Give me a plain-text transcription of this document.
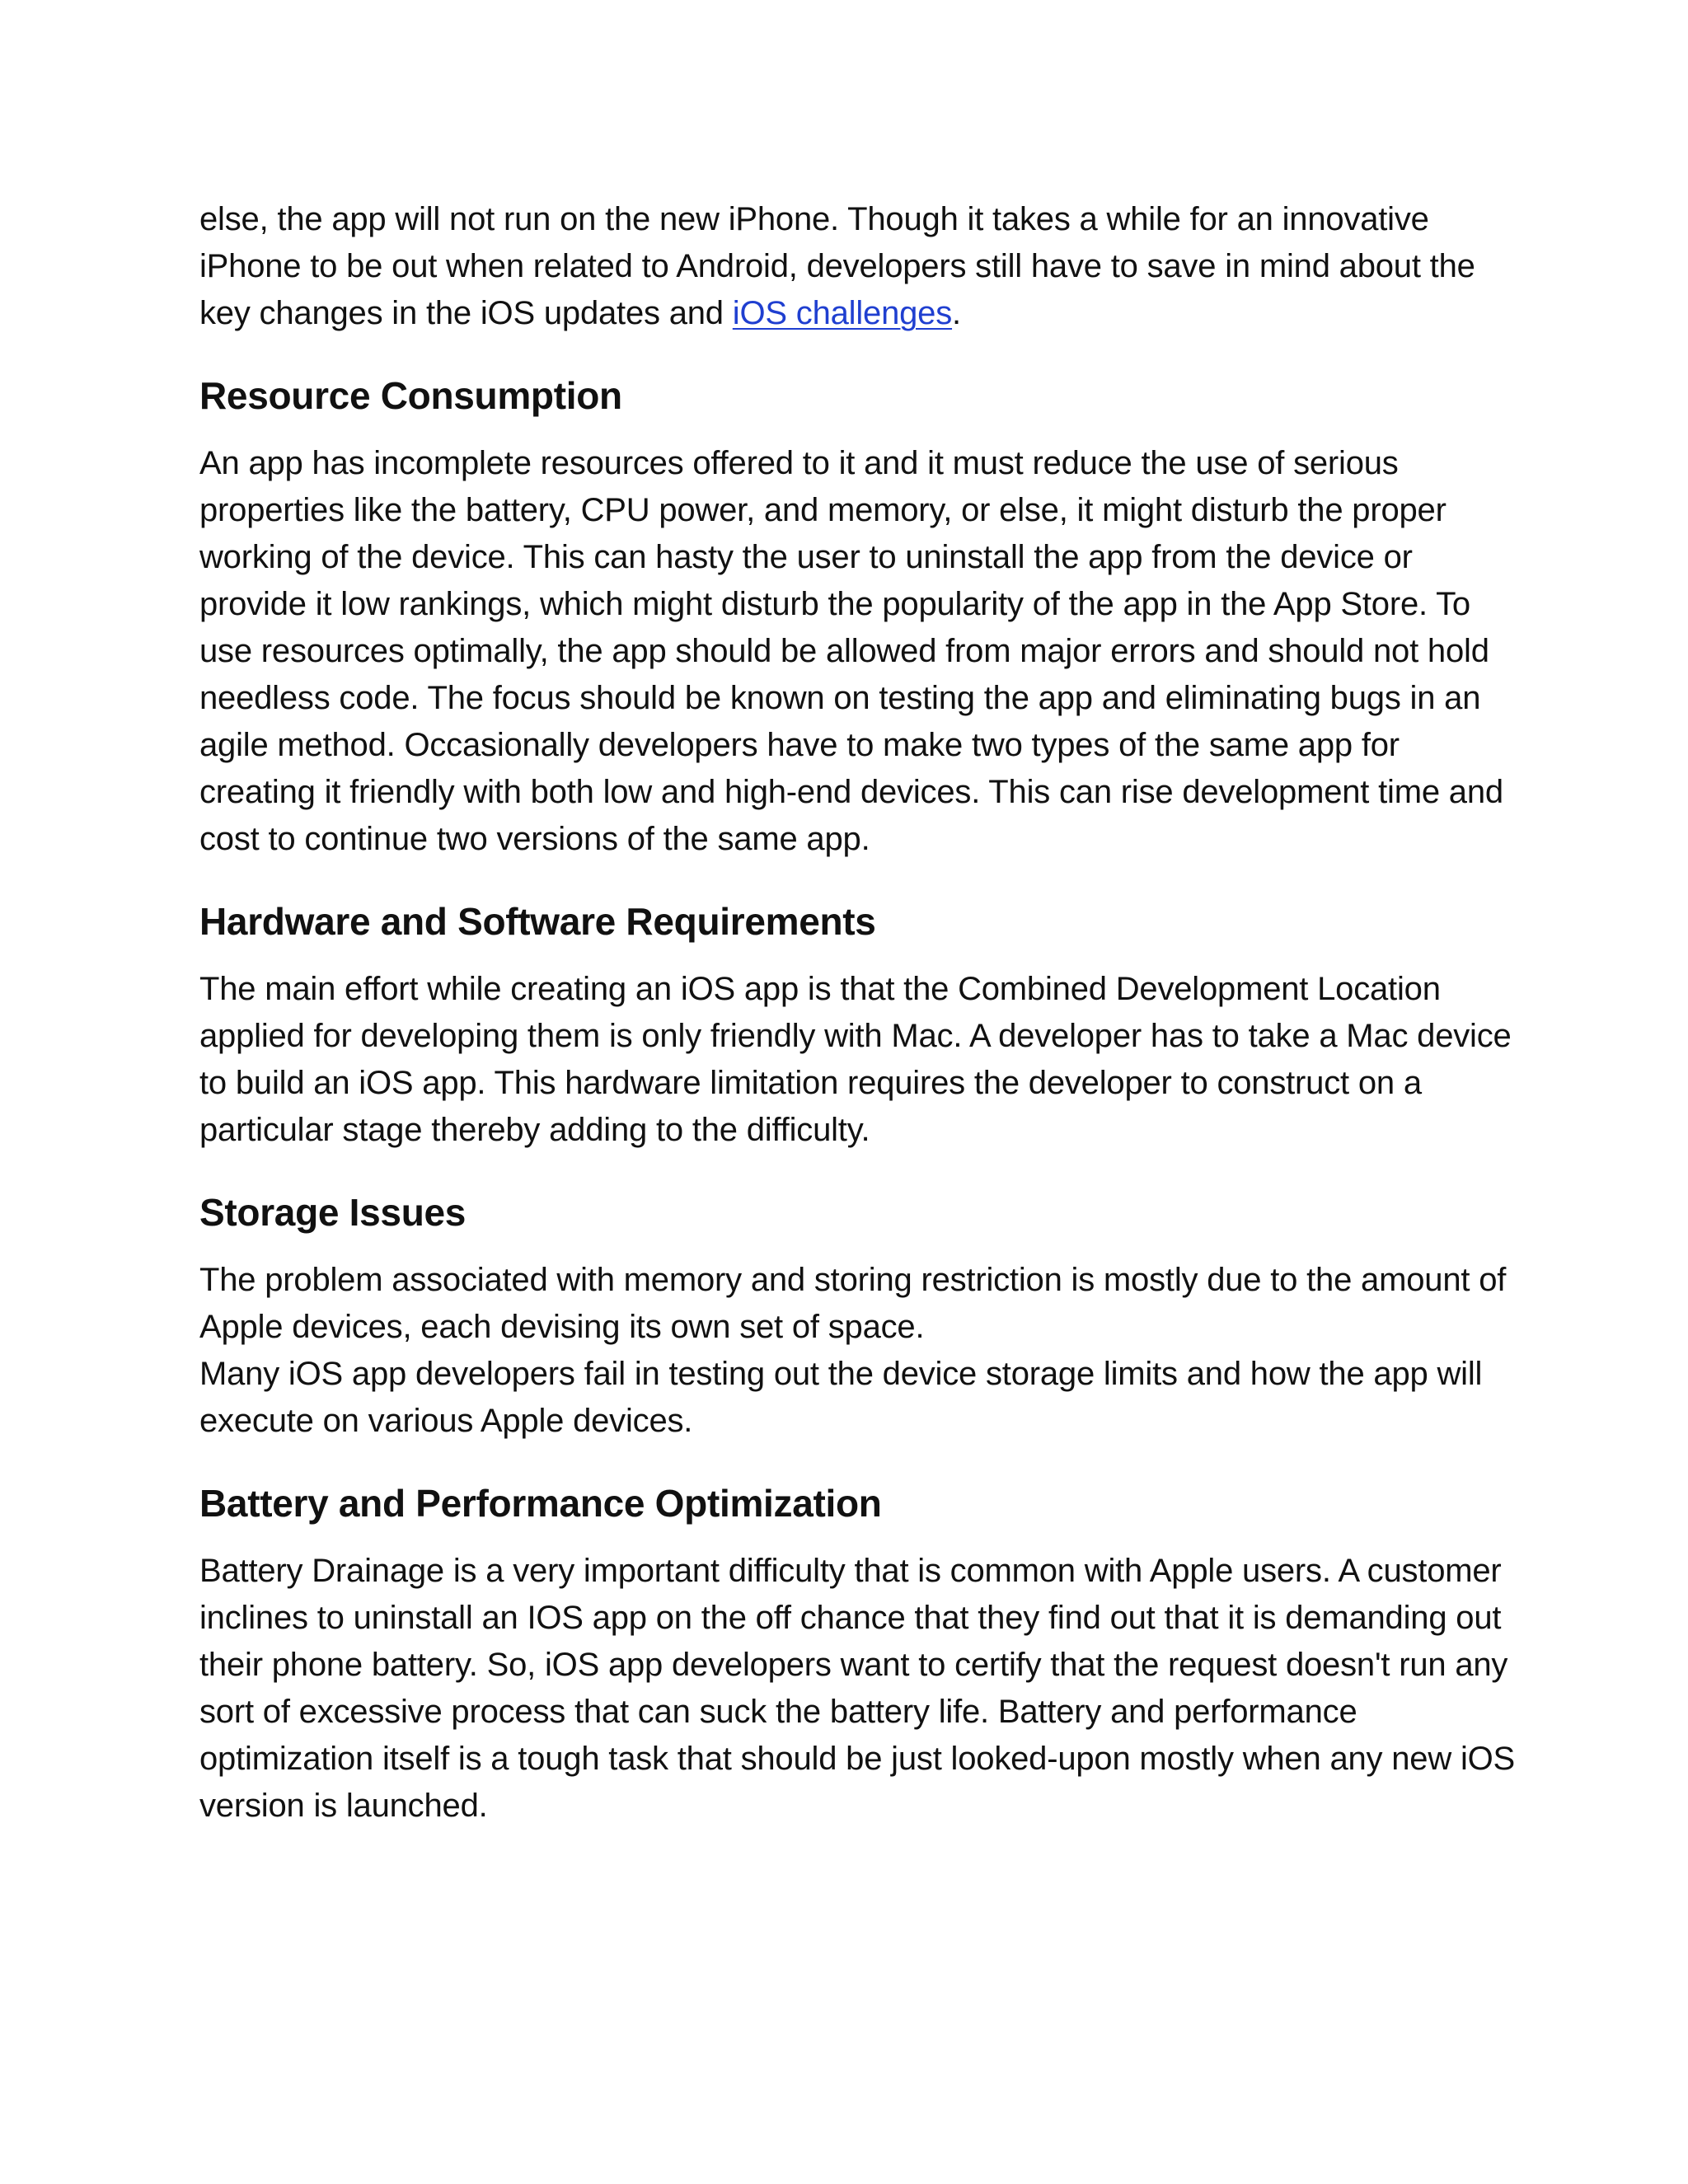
else, the app will not run on the new iPhone. Though it takes a while for an innovative iPhone to be out when related to Android, developers still have to save in mind about the key changes in the iOS updates and iOS challenges.

Resource Consumption

An app has incomplete resources offered to it and it must reduce the use of serious properties like the battery, CPU power, and memory, or else, it might disturb the proper working of the device. This can hasty the user to uninstall the app from the device or provide it low rankings, which might disturb the popularity of the app in the App Store. To use resources optimally, the app should be allowed from major errors and should not hold needless code. The focus should be known on testing the app and eliminating bugs in an agile method. Occasionally developers have to make two types of the same app for creating it friendly with both low and high-end devices. This can rise development time and cost to continue two versions of the same app.

Hardware and Software Requirements

The main effort while creating an iOS app is that the Combined Development Location applied for developing them is only friendly with Mac. A developer has to take a Mac device to build an iOS app. This hardware limitation requires the developer to construct on a particular stage thereby adding to the difficulty.

Storage Issues

The problem associated with memory and storing restriction is mostly due to the amount of Apple devices, each devising its own set of space.

Many iOS app developers fail in testing out the device storage limits and how the app will execute on various Apple devices.

Battery and Performance Optimization

Battery Drainage is a very important difficulty that is common with Apple users. A customer inclines to uninstall an IOS app on the off chance that they find out that it is demanding out their phone battery. So, iOS app developers want to certify that the request doesn't run any sort of excessive process that can suck the battery life. Battery and performance optimization itself is a tough task that should be just looked-upon mostly when any new iOS version is launched.
